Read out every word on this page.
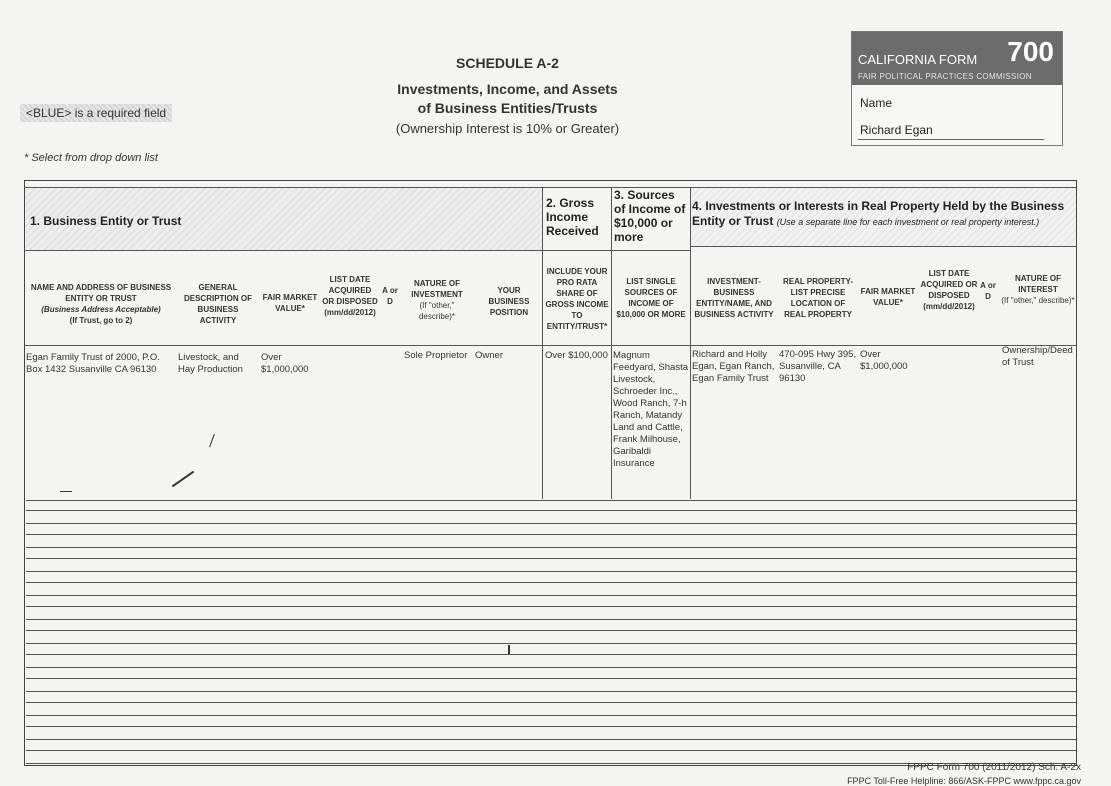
SCHEDULE A-2
Investments, Income, and Assets
of Business Entities/Trusts
(Ownership Interest is 10% or Greater)
<BLUE> is a required field
* Select from drop down list
CALIFORNIA FORM 700
FAIR POLITICAL PRACTICES COMMISSION
Name
Richard Egan
1. Business Entity or Trust
2. Gross Income Received
3. Sources of Income of $10,000 or more
4. Investments or Interests in Real Property Held by the Business Entity or Trust (Use a separate line for each investment or real property interest.)
NAME AND ADDRESS OF BUSINESS ENTITY OR TRUST
(Business Address Acceptable)
(If Trust, go to 2)
GENERAL DESCRIPTION OF BUSINESS ACTIVITY
FAIR MARKET VALUE*
LIST DATE ACQUIRED OR DISPOSED
(mm/dd/2012)
A or D
NATURE OF INVESTMENT
(If "other," describe)*
YOUR BUSINESS POSITION
INCLUDE YOUR PRO RATA SHARE OF GROSS INCOME TO ENTITY/TRUST*
LIST SINGLE SOURCES OF INCOME OF $10,000 OR MORE
INVESTMENT-BUSINESS ENTITY/NAME, AND BUSINESS ACTIVITY
REAL PROPERTY-LIST PRECISE LOCATION OF REAL PROPERTY
FAIR MARKET VALUE*
LIST DATE ACQUIRED OR DISPOSED
(mm/dd/2012)
A or D
NATURE OF INTEREST
(If "other," describe)*
Egan Family Trust of 2000, P.O. Box 1432 Susanville CA 96130
Livestock, and Hay Production
Over $1,000,000
Sole Proprietor Owner	Over $100,000 Magnum Feedyard, Shasta Livestock, Schroeder Inc., Wood Ranch, 7-h Ranch, Matandy Land and Cattle, Frank Milhouse, Garibaldi Insurance
Richard and Holly Egan, Egan Ranch, Egan Family Trust
470-095 Hwy 395, Susanville, CA 96130
Over $1,000,000
Ownership/Deed of Trust
FPPC Form 700 (2011/2012) Sch. A-2x
FPPC Toll-Free Helpline: 866/ASK-FPPC www.fppc.ca.gov
